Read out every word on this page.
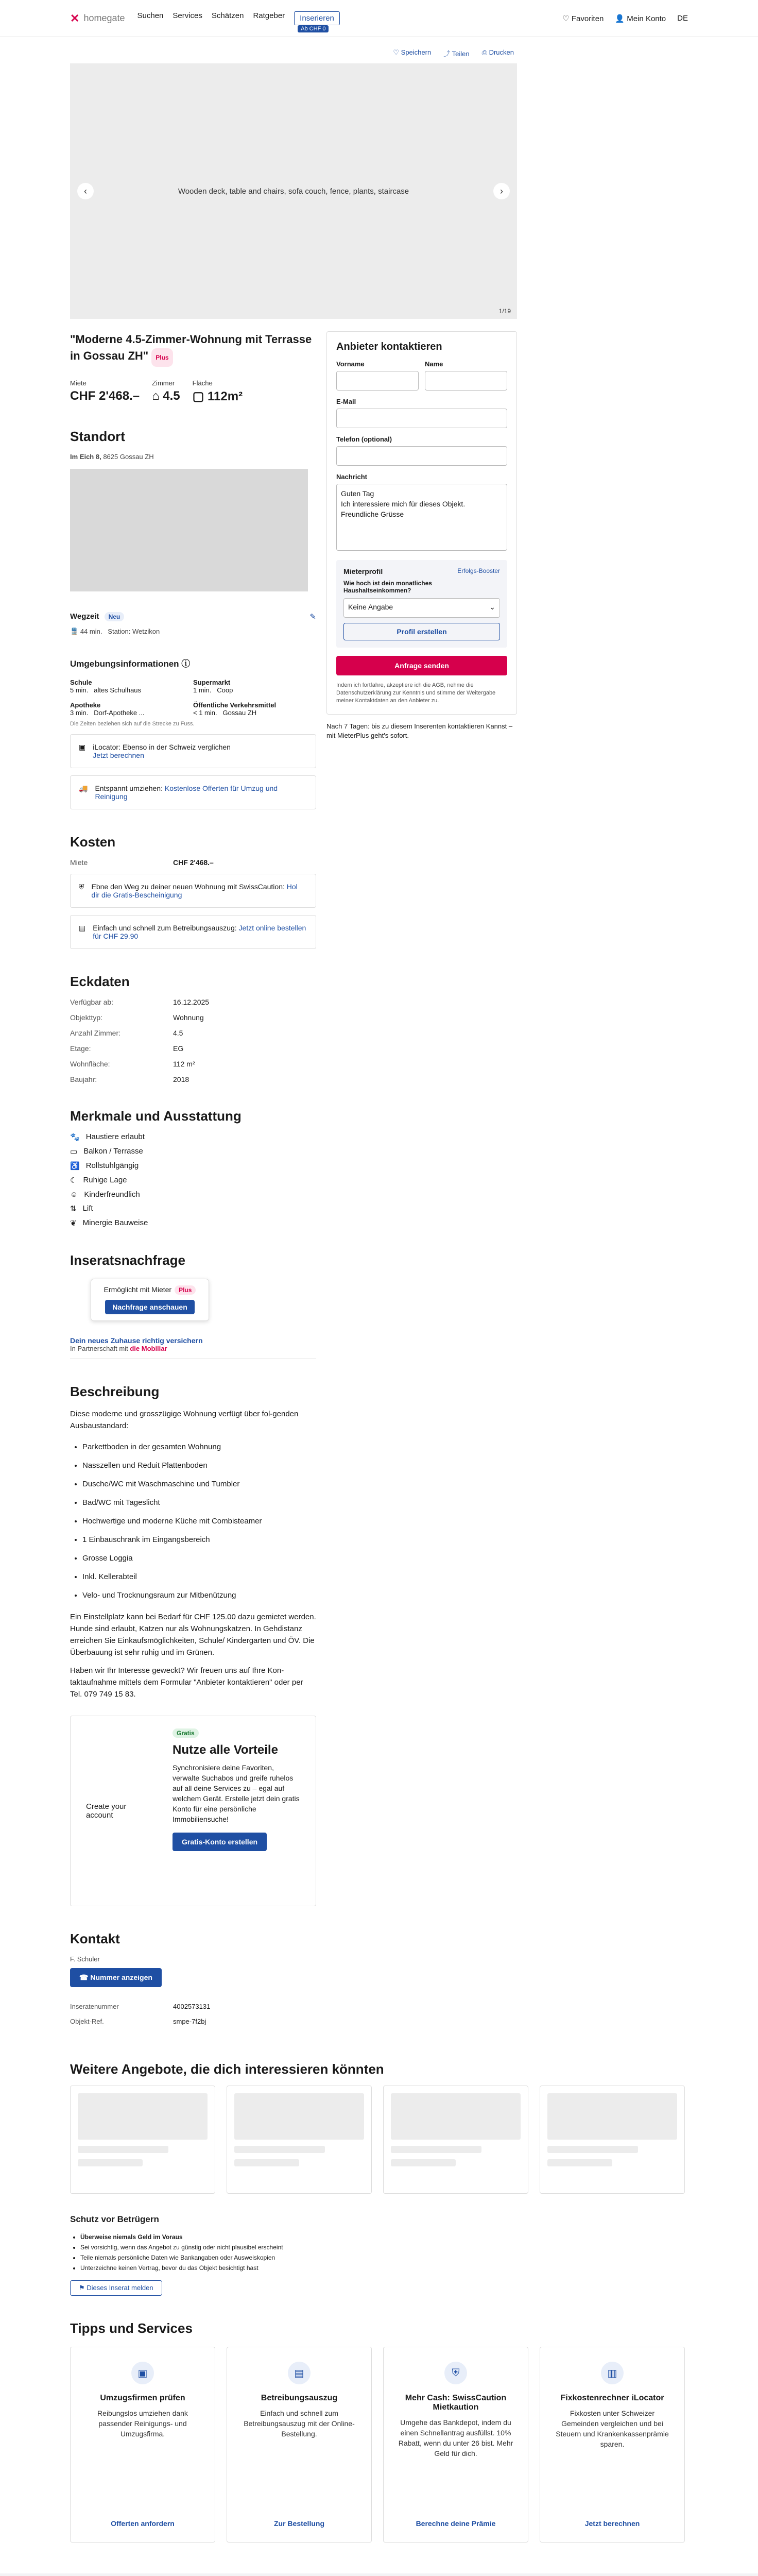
✕ homegate Suchen Services Schätzen Ratgeber	Inserieren
Ab CHF 0
♡ Favoriten 👤 Mein Konto DE
♡ Speichern ⤴ Teilen ⎙ Drucken
‹	Wooden deck, table and chairs, sofa couch, fence, plants, staircase	›
1/19
"Moderne 4.5-Zimmer-Wohnung mit Terrasse in Gossau ZH" Plus
Miete
CHF 2'468.–
Zimmer
⌂ 4.5
Fläche
▢ 112m²
Standort
Im Eich 8, 8625 Gossau ZH
Wegzeit Neu	✎
🚆 44 min. Station: Wetzikon
Umgebungsinformationen ⓘ
Schule
5 min. altes Schulhaus
Supermarkt
1 min. Coop
Apotheke
3 min. Dorf-Apotheke ...
Öffentliche Verkehrsmittel
< 1 min. Gossau ZH
Die Zeiten beziehen sich auf die Strecke zu Fuss.
▣ iLocator: Ebenso in der Schweiz verglichen
Jetzt berechnen
🚚 Entspannt umziehen: Kostenlose Offerten für Umzug und Reinigung
Kosten
Miete	CHF 2'468.–
⛨ Ebne den Weg zu deiner neuen Wohnung mit SwissCaution: Hol dir die Gratis-Bescheinigung
▤ Einfach und schnell zum Betreibungsauszug: Jetzt online bestellen für CHF 29.90
Eckdaten
Verfügbar ab:	16.12.2025
Objekttyp:	Wohnung
Anzahl Zimmer:	4.5
Etage:	EG
Wohnfläche:	112 m²
Baujahr:	2018
Merkmale und Ausstattung
🐾 Haustiere erlaubt
▭ Balkon / Terrasse
♿ Rollstuhlgängig
☾ Ruhige Lage
☺ Kinderfreundlich
⇅ Lift
❦ Minergie Bauweise
Inseratsnachfrage
Ermöglicht mit Mieter Plus
Nachfrage anschauen
Dein neues Zuhause richtig versichern
In Partnerschaft mit die Mobiliar
Beschreibung
Diese moderne und grosszügige Wohnung verfügt über fol-genden Ausbaustandard:
• Parkettboden in der gesamten Wohnung
• Nasszellen und Reduit Plattenboden
• Dusche/WC mit Waschmaschine und Tumbler
• Bad/WC mit Tageslicht
• Hochwertige und moderne Küche mit Combisteamer
• 1 Einbauschrank im Eingangsbereich
• Grosse Loggia
• Inkl. Kellerabteil
• Velo- und Trocknungsraum zur Mitbenützung
Ein Einstellplatz kann bei Bedarf für CHF 125.00 dazu gemietet werden. Hunde sind erlaubt, Katzen nur als Wohnungskatzen. In Gehdistanz erreichen Sie Einkaufsmöglichkeiten, Schule/ Kindergarten und ÖV. Die Überbauung ist sehr ruhig und im Grünen.
Haben wir Ihr Interesse geweckt? Wir freuen uns auf Ihre Kon-taktaufnahme mittels dem Formular "Anbieter kontaktieren" oder per Tel. 079 749 15 83.
Create your account
Gratis
Nutze alle Vorteile
Synchronisiere deine Favoriten, verwalte Suchabos und greife ruhelos auf all deine Services zu – egal auf welchem Gerät. Erstelle jetzt dein gratis Konto für eine persönliche Immobiliensuche!
Gratis-Konto erstellen
Kontakt
F. Schuler
☎ Nummer anzeigen
Inseratenummer	4002573131
Objekt-Ref.	smpe-7f2bj
Anbieter kontaktieren
Vorname	Name
E-Mail
Telefon (optional)
Nachricht
Guten Tag
Ich interessiere mich für dieses Objekt.
Freundliche Grüsse
Mieterprofil	Erfolgs-Booster
Wie hoch ist dein monatliches Haushaltseinkommen?
Keine Angabe	⌄
Profil erstellen
Anfrage senden
Indem ich fortfahre, akzeptiere ich die AGB, nehme die Datenschutzerklärung zur Kenntnis und stimme der Weitergabe meiner Kontaktdaten an den Anbieter zu.
Nach 7 Tagen: bis zu diesem Inserenten kontaktieren Kannst – mit MieterPlus geht's sofort.
Weitere Angebote, die dich interessieren könnten
Schutz vor Betrügern
• Überweise niemals Geld im Voraus
• Sei vorsichtig, wenn das Angebot zu günstig oder nicht plausibel erscheint
• Teile niemals persönliche Daten wie Bankangaben oder Ausweiskopien
• Unterzeichne keinen Vertrag, bevor du das Objekt besichtigt hast
⚑ Dieses Inserat melden
Tipps und Services
▣
Umzugsfirmen prüfen

Reibungslos umziehen dank passender Reinigungs- und Umzugsfirma.

Offerten anfordern
▤
Betreibungsauszug

Einfach und schnell zum Betreibungsauszug mit der Online-Bestellung.

Zur Bestellung
⛨
Mehr Cash: SwissCaution Mietkaution

Umgehe das Bankdepot, indem du einen Schnellantrag ausfüllst. 10% Rabatt, wenn du unter 26 bist. Mehr Geld für dich.

Berechne deine Prämie
▥
Fixkostenrechner iLocator

Fixkosten unter Schweizer Gemeinden vergleichen und bei Steuern und Krankenkassenprämie sparen.

Jetzt berechnen
